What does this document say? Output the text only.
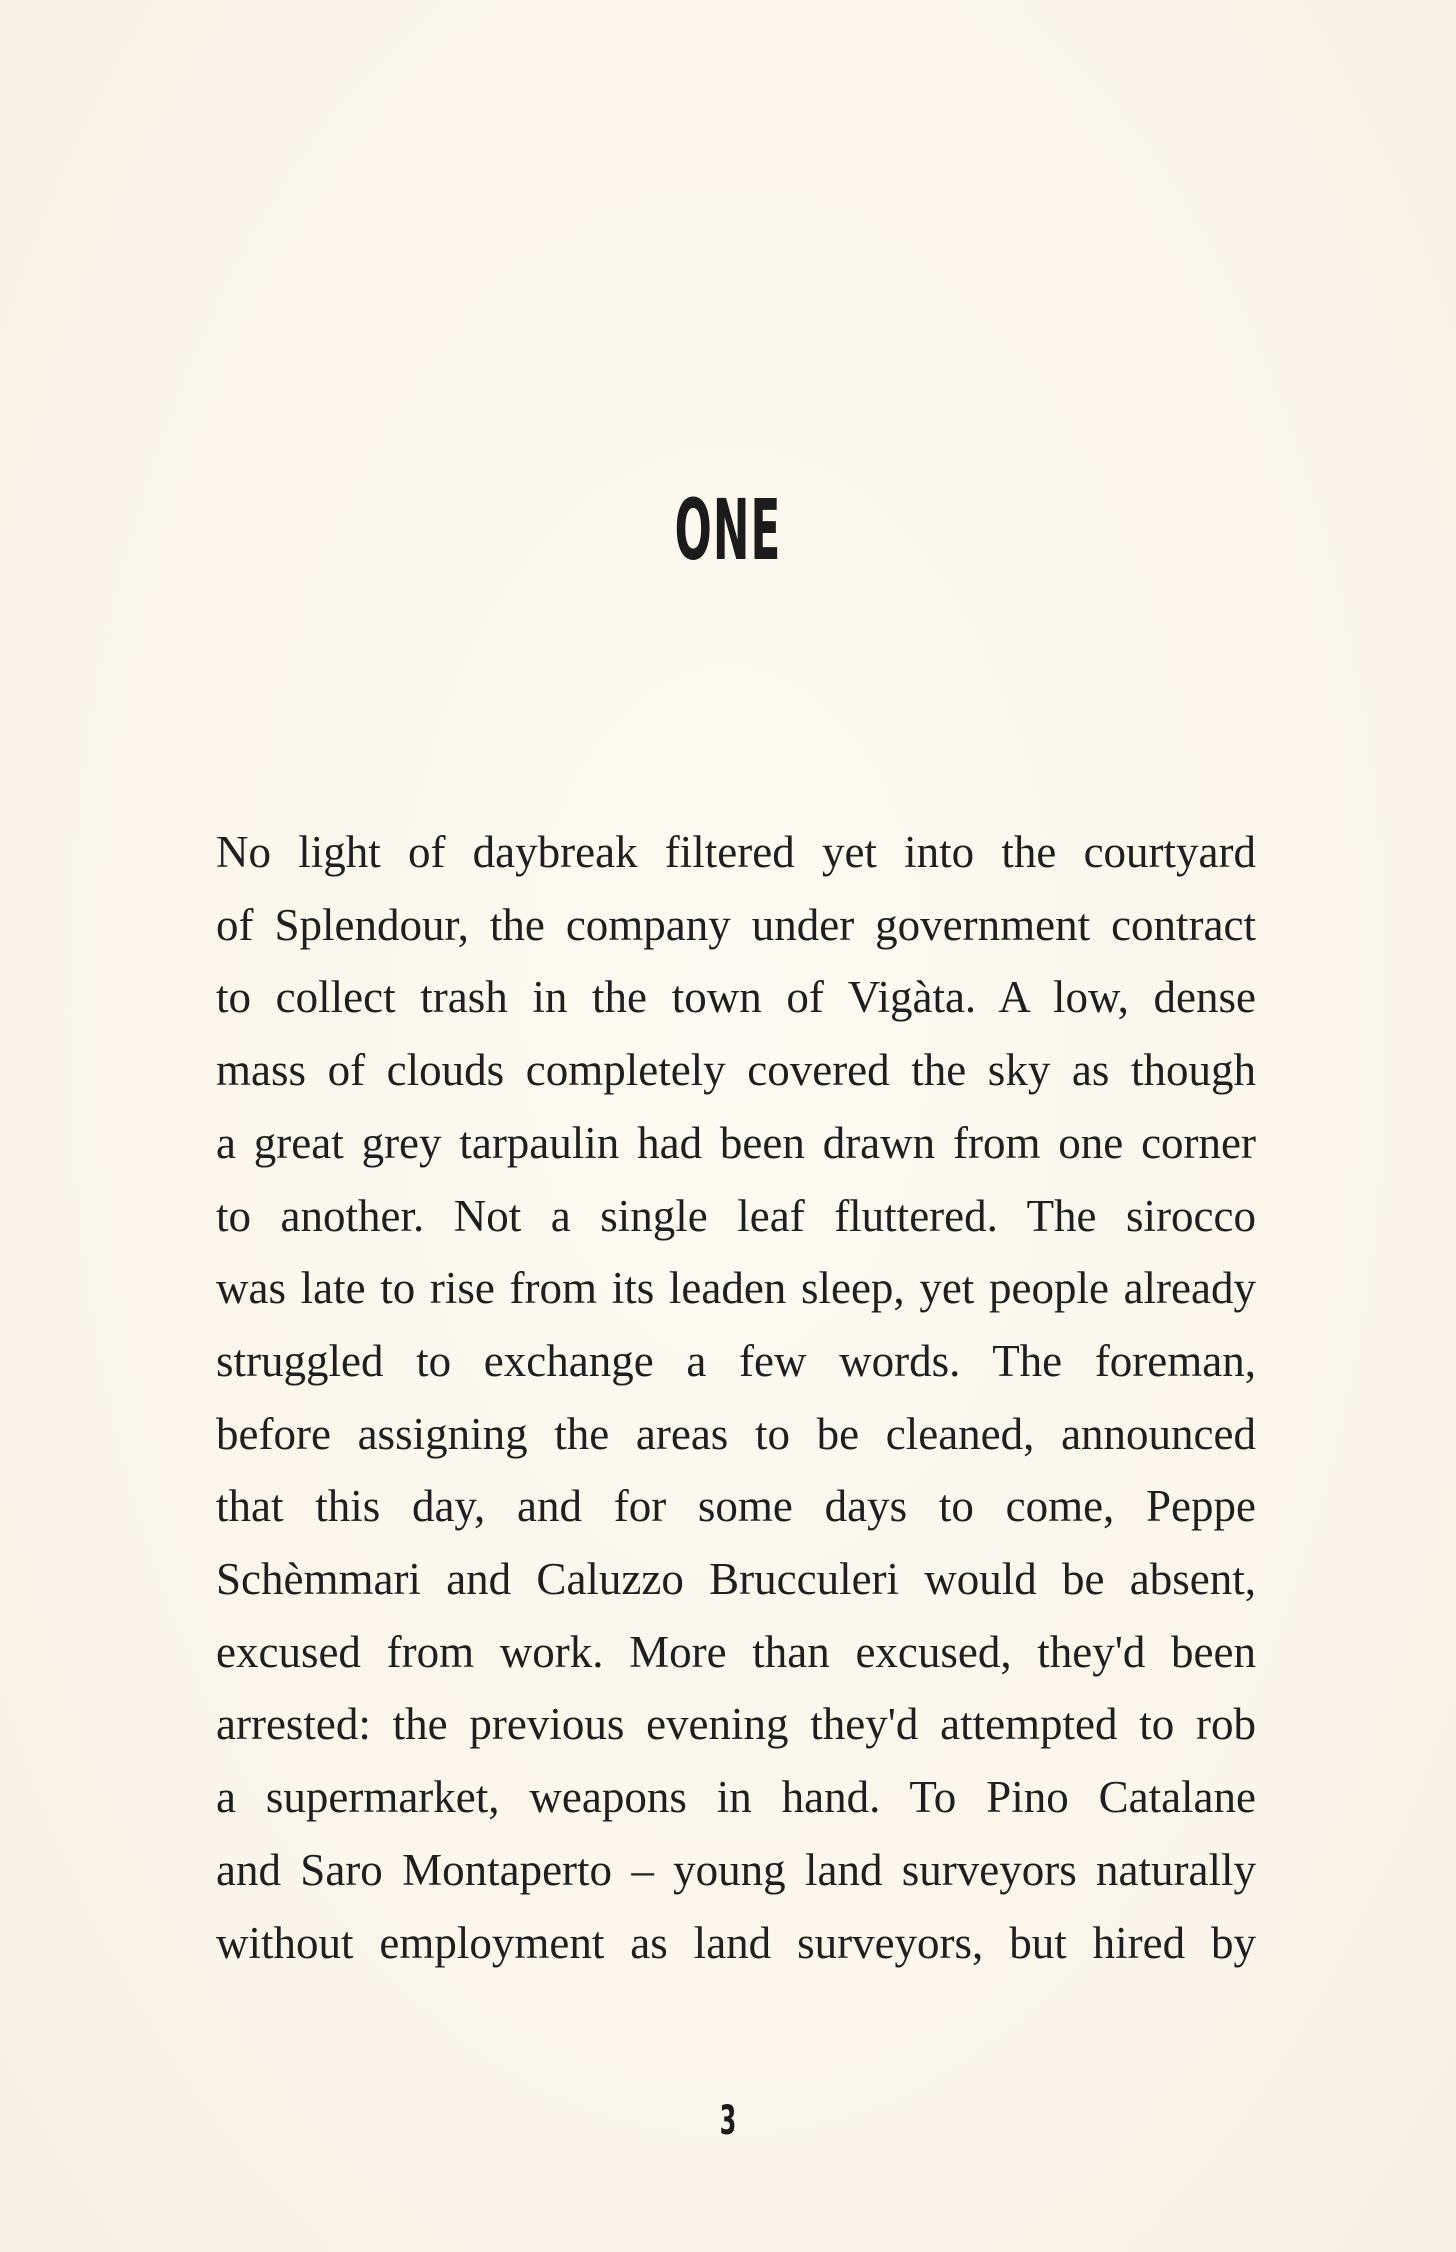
ONE
No light of daybreak filtered yet into the courtyard
of Splendour, the company under government contract
to collect trash in the town of Vigàta. A low, dense
mass of clouds completely covered the sky as though
a great grey tarpaulin had been drawn from one corner
to another. Not a single leaf fluttered. The sirocco
was late to rise from its leaden sleep, yet people already
struggled to exchange a few words. The foreman,
before assigning the areas to be cleaned, announced
that this day, and for some days to come, Peppe
Schèmmari and Caluzzo Brucculeri would be absent,
excused from work. More than excused, they'd been
arrested: the previous evening they'd attempted to rob
a supermarket, weapons in hand. To Pino Catalane
and Saro Montaperto – young land surveyors naturally
without employment as land surveyors, but hired by
3
